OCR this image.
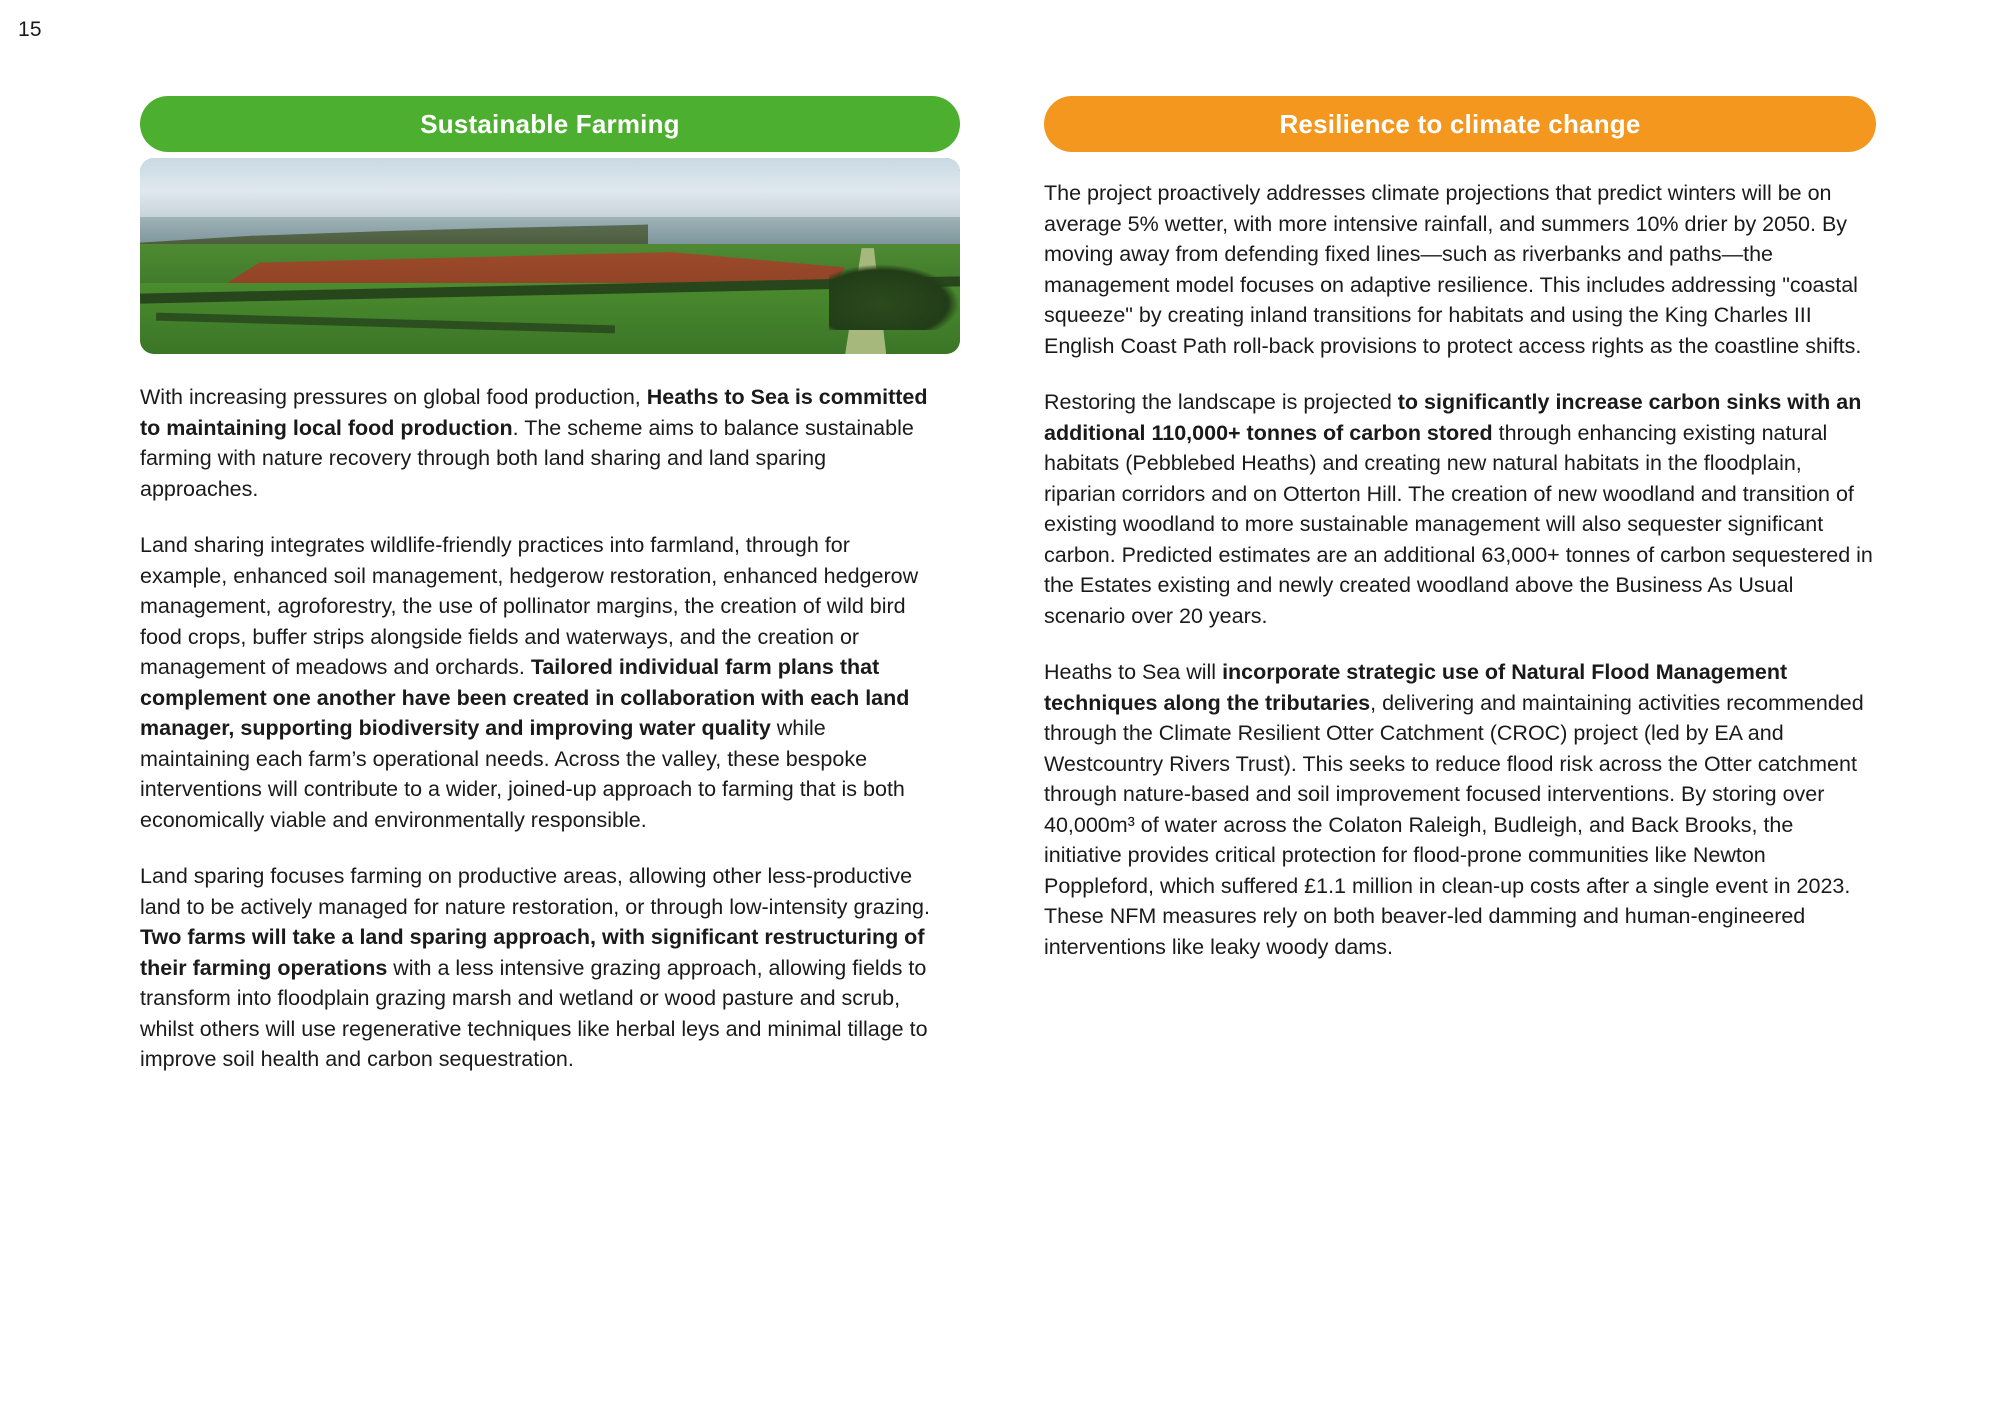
15
Sustainable Farming

With increasing pressures on global food production, Heaths to Sea is committed to maintaining local food production. The scheme aims to balance sustainable farming with nature recovery through both land sharing and land sparing approaches.

Land sharing integrates wildlife-friendly practices into farmland, through for example, enhanced soil management, hedgerow restoration, enhanced hedgerow management, agroforestry, the use of pollinator margins, the creation of wild bird food crops, buffer strips alongside fields and waterways, and the creation or management of meadows and orchards. Tailored individual farm plans that complement one another have been created in collaboration with each land manager, supporting biodiversity and improving water quality while maintaining each farm’s operational needs. Across the valley, these bespoke interventions will contribute to a wider, joined-up approach to farming that is both economically viable and environmentally responsible.

Land sparing focuses farming on productive areas, allowing other less-productive land to be actively managed for nature restoration, or through low-intensity grazing. Two farms will take a land sparing approach, with significant restructuring of their farming operations with a less intensive grazing approach, allowing fields to transform into floodplain grazing marsh and wetland or wood pasture and scrub, whilst others will use regenerative techniques like herbal leys and minimal tillage to improve soil health and carbon sequestration.

Resilience to climate change

The project proactively addresses climate projections that predict winters will be on average 5% wetter, with more intensive rainfall, and summers 10% drier by 2050. By moving away from defending fixed lines—such as riverbanks and paths—the management model focuses on adaptive resilience. This includes addressing "coastal squeeze" by creating inland transitions for habitats and using the King Charles III English Coast Path roll-back provisions to protect access rights as the coastline shifts.

Restoring the landscape is projected to significantly increase carbon sinks with an additional 110,000+ tonnes of carbon stored through enhancing existing natural habitats (Pebblebed Heaths) and creating new natural habitats in the floodplain, riparian corridors and on Otterton Hill. The creation of new woodland and transition of existing woodland to more sustainable management will also sequester significant carbon. Predicted estimates are an additional 63,000+ tonnes of carbon sequestered in the Estates existing and newly created woodland above the Business As Usual scenario over 20 years.

Heaths to Sea will incorporate strategic use of Natural Flood Management techniques along the tributaries, delivering and maintaining activities recommended through the Climate Resilient Otter Catchment (CROC) project (led by EA and Westcountry Rivers Trust). This seeks to reduce flood risk across the Otter catchment through nature-based and soil improvement focused interventions. By storing over 40,000m³ of water across the Colaton Raleigh, Budleigh, and Back Brooks, the initiative provides critical protection for flood-prone communities like Newton Poppleford, which suffered £1.1 million in clean-up costs after a single event in 2023. These NFM measures rely on both beaver-led damming and human-engineered interventions like leaky woody dams.
